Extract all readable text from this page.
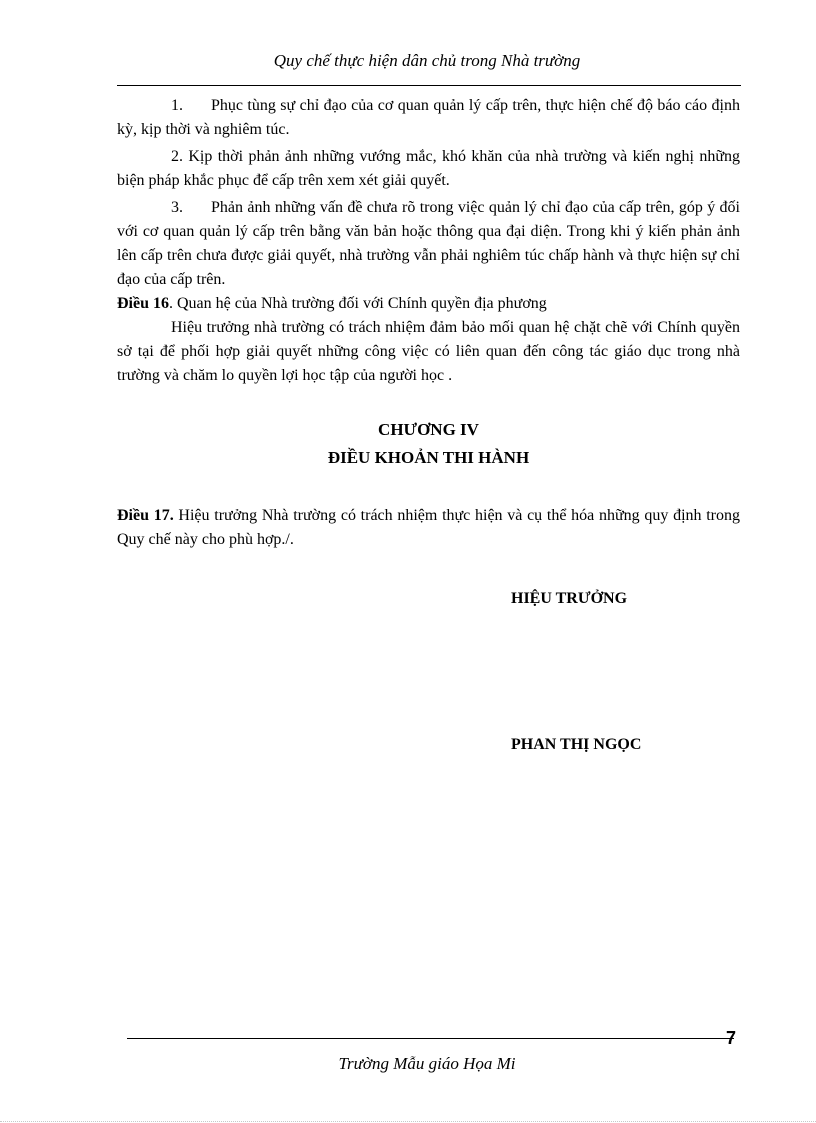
Quy chế thực hiện dân chủ trong Nhà trường

1. Phục tùng sự chỉ đạo của cơ quan quản lý cấp trên, thực hiện chế độ báo cáo định kỳ, kịp thời và nghiêm túc.

2. Kịp thời phản ảnh những vướng mắc, khó khăn của nhà trường và kiến nghị những biện pháp khắc phục để cấp trên xem xét giải quyết.

3. Phản ảnh những vấn đề chưa rõ trong việc quản lý chỉ đạo của cấp trên, góp ý đối với cơ quan quản lý cấp trên bằng văn bản hoặc thông qua đại diện. Trong khi ý kiến phản ảnh lên cấp trên chưa được giải quyết, nhà trường vẫn phải nghiêm túc chấp hành và thực hiện sự chỉ đạo của cấp trên.

Điều 16. Quan hệ của Nhà trường đối với Chính quyền địa phương

Hiệu trưởng nhà trường có trách nhiệm đảm bảo mối quan hệ chặt chẽ với Chính quyền sở tại để phối hợp giải quyết những công việc có liên quan đến công tác giáo dục trong nhà trường và chăm lo quyền lợi học tập của người học .

CHƯƠNG IV

ĐIỀU KHOẢN THI HÀNH

Điều 17. Hiệu trưởng Nhà trường có trách nhiệm thực hiện và cụ thể hóa những quy định trong Quy chế này cho phù hợp./.

HIỆU TRƯỞNG
PHAN THỊ NGỌC
7
Trường Mẫu giáo Họa Mi
